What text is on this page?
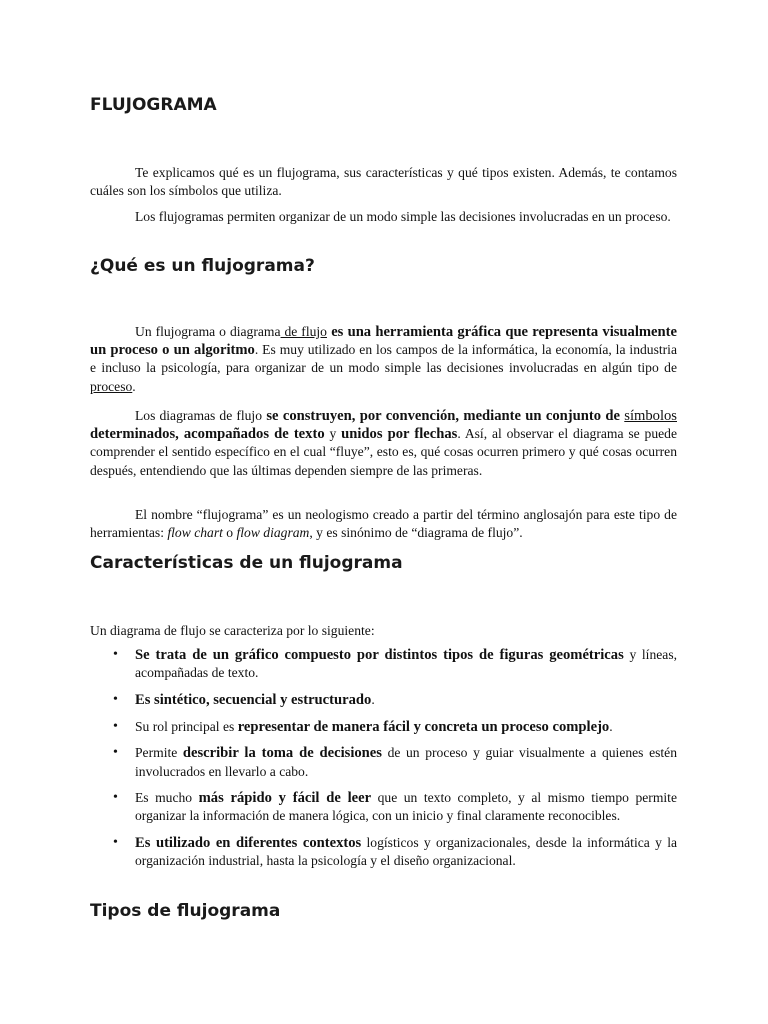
FLUJOGRAMA

Te explicamos qué es un flujograma, sus características y qué tipos existen. Además, te contamos cuáles son los símbolos que utiliza.

Los flujogramas permiten organizar de un modo simple las decisiones involucradas en un proceso.

¿Qué es un flujograma?

Un flujograma o diagrama de flujo es una herramienta gráfica que representa visualmente un proceso o un algoritmo. Es muy utilizado en los campos de la informática, la economía, la industria e incluso la psicología, para organizar de un modo simple las decisiones involucradas en algún tipo de proceso.

Los diagramas de flujo se construyen, por convención, mediante un conjunto de símbolos determinados, acompañados de texto y unidos por flechas. Así, al observar el diagrama se puede comprender el sentido específico en el cual “fluye”, esto es, qué cosas ocurren primero y qué cosas ocurren después, entendiendo que las últimas dependen siempre de las primeras.

El nombre “flujograma” es un neologismo creado a partir del término anglosajón para este tipo de herramientas: flow chart o flow diagram, y es sinónimo de “diagrama de flujo”.

Características de un flujograma

Un diagrama de flujo se caracteriza por lo siguiente:

• Se trata de un gráfico compuesto por distintos tipos de figuras geométricas y líneas, acompañadas de texto.
• Es sintético, secuencial y estructurado.
• Su rol principal es representar de manera fácil y concreta un proceso complejo.
• Permite describir la toma de decisiones de un proceso y guiar visualmente a quienes estén involucrados en llevarlo a cabo.
• Es mucho más rápido y fácil de leer que un texto completo, y al mismo tiempo permite organizar la información de manera lógica, con un inicio y final claramente reconocibles.
• Es utilizado en diferentes contextos logísticos y organizacionales, desde la informática y la organización industrial, hasta la psicología y el diseño organizacional.
Tipos de flujograma
